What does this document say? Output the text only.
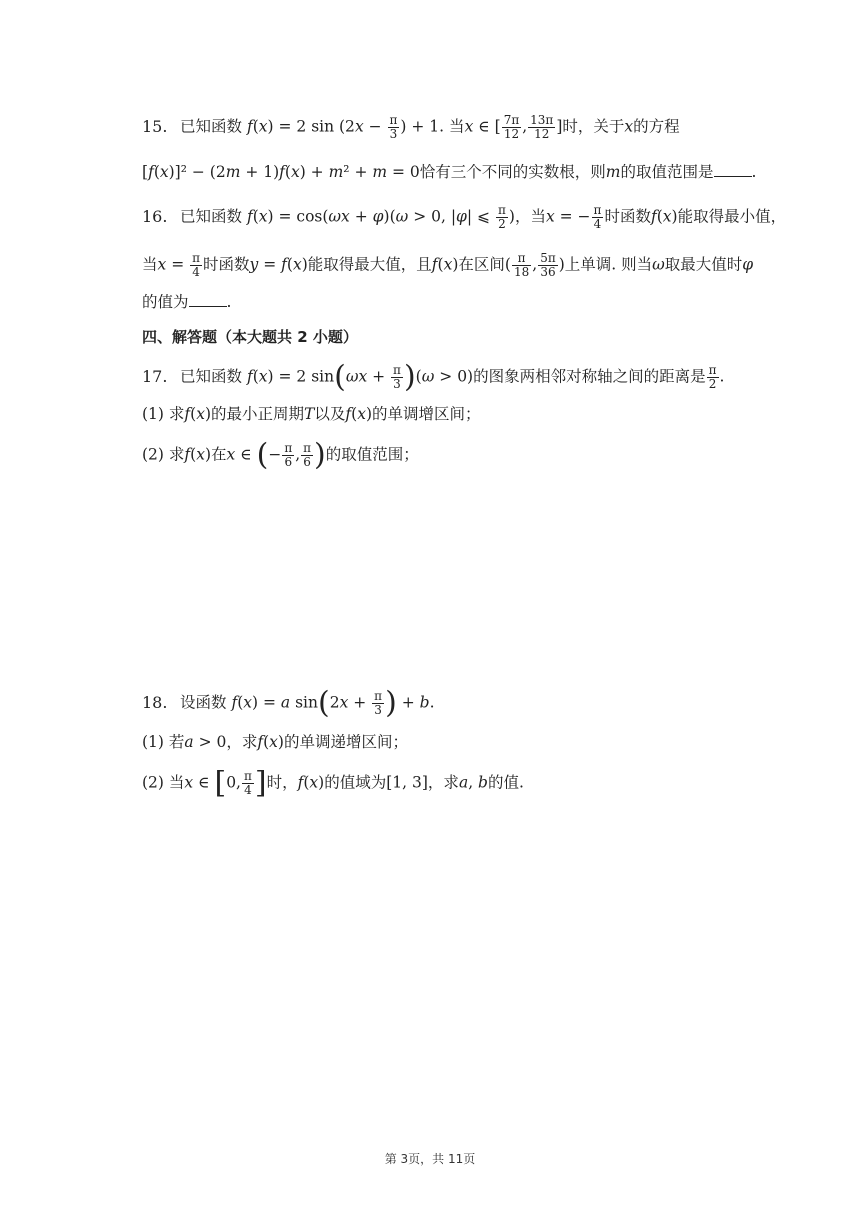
15. 已知函数 f(x) = 2 $\sin (2x - \frac{\pi}{3}$ ) + 1. 当x ∈ [ $\frac{7\pi}{12}$ , $\frac{13\pi}{12}$ ]时，关于x的方程
[f(x)]² − (2m + 1)f(x) + m² + m = 0恰有三个不同的实数根，则m的取值范围是 .
16. 已知函数 f(x) = cos(ωx + φ)(ω > 0, |φ| ⩽ $\frac{\pi}{2}$ )，当x = − $\frac{\pi}{4}$ 时函数f(x)能取得最小值，
当$x = \frac{\pi}{4}$ 时函数y = f(x)能取得最大值，且f(x)在区间( $\frac{\pi}{18}$ , $\frac{5\pi}{36}$ )上单调. 则当ω取最大值时φ
的值为 .
四、解答题（本大题共 2 小题）
17. 已知函数 f(x) = 2 $\sin(\omega x + \frac{\pi}{3} )(\omega > 0)$的图象两相邻对称轴之间的距离是 $\frac{\pi}{2}$ .
(1) 求f(x)的最小正周期T以及f(x)的单调增区间；
(2) 求f(x)在x ∈ (− $\frac{\pi}{6}$ , $\frac{\pi}{6}$ )的取值范围；
18. 设函数 f(x) = a $\sin(2x + \frac{\pi}{3}$ ) + b.
(1) 若a > 0，求f(x)的单调递增区间；
(2) 当x ∈ [0, $\frac{\pi}{4}$ ]时，f(x)的值域为[1, 3]，求a, b的值.
第 3页，共 11页
